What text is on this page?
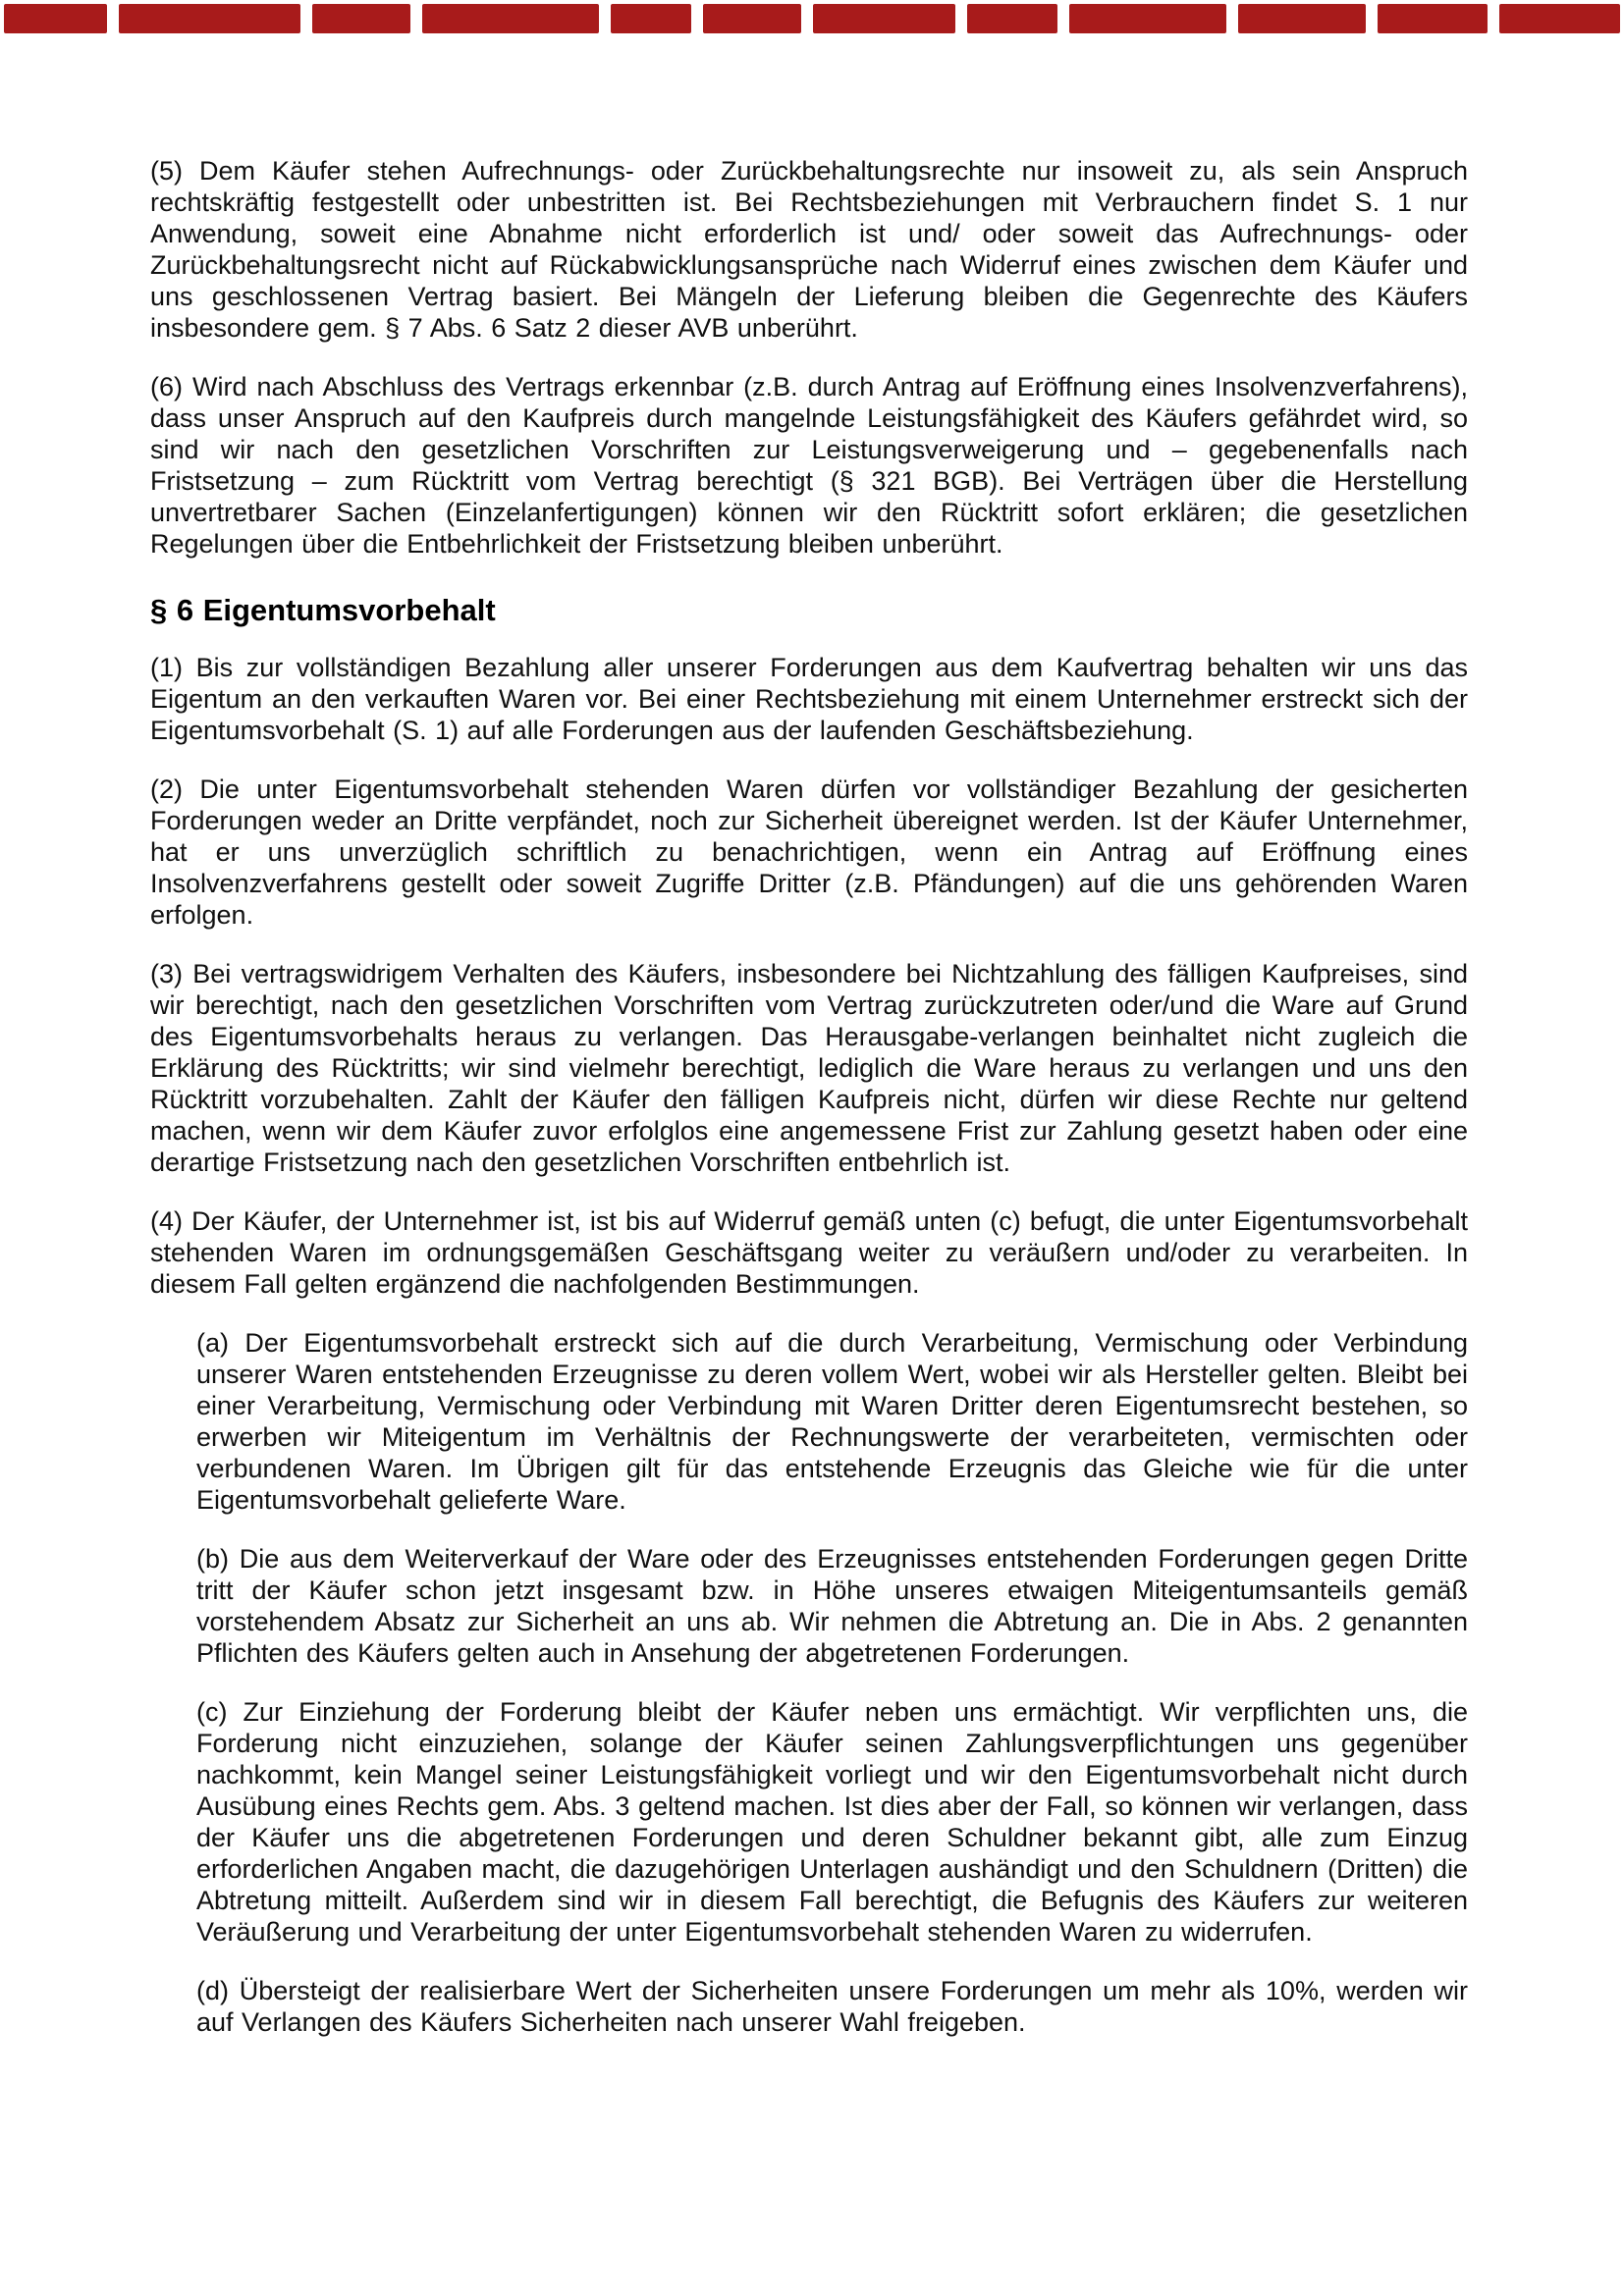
(5) Dem Käufer stehen Aufrechnungs- oder Zurückbehaltungsrechte nur insoweit zu, als sein Anspruch rechtskräftig festgestellt oder unbestritten ist. Bei Rechtsbeziehungen mit Verbrauchern findet S. 1 nur Anwendung, soweit eine Abnahme nicht erforderlich ist und/ oder soweit das Aufrechnungs- oder Zurückbehaltungsrecht nicht auf Rückabwicklungsansprüche nach Widerruf eines zwischen dem Käufer und uns geschlossenen Vertrag basiert. Bei Mängeln der Lieferung bleiben die Gegenrechte des Käufers insbesondere gem. § 7 Abs. 6 Satz 2 dieser AVB unberührt.

(6) Wird nach Abschluss des Vertrags erkennbar (z.B. durch Antrag auf Eröffnung eines Insolvenzverfahrens), dass unser Anspruch auf den Kaufpreis durch mangelnde Leistungsfähigkeit des Käufers gefährdet wird, so sind wir nach den gesetzlichen Vorschriften zur Leistungsverweigerung und – gegebenenfalls nach Fristsetzung – zum Rücktritt vom Vertrag berechtigt (§ 321 BGB). Bei Verträgen über die Herstellung unvertretbarer Sachen (Einzelanfertigungen) können wir den Rücktritt sofort erklären; die gesetzlichen Regelungen über die Entbehrlichkeit der Fristsetzung bleiben unberührt.

§ 6 Eigentumsvorbehalt

(1) Bis zur vollständigen Bezahlung aller unserer Forderungen aus dem Kaufvertrag behalten wir uns das Eigentum an den verkauften Waren vor. Bei einer Rechtsbeziehung mit einem Unternehmer erstreckt sich der Eigentumsvorbehalt (S. 1) auf alle Forderungen aus der laufenden Geschäftsbeziehung.

(2) Die unter Eigentumsvorbehalt stehenden Waren dürfen vor vollständiger Bezahlung der gesicherten Forderungen weder an Dritte verpfändet, noch zur Sicherheit übereignet werden. Ist der Käufer Unternehmer, hat er uns unverzüglich schriftlich zu benachrichtigen, wenn ein Antrag auf Eröffnung eines Insolvenzverfahrens gestellt oder soweit Zugriffe Dritter (z.B. Pfändungen) auf die uns gehörenden Waren erfolgen.

(3) Bei vertragswidrigem Verhalten des Käufers, insbesondere bei Nichtzahlung des fälligen Kaufpreises, sind wir berechtigt, nach den gesetzlichen Vorschriften vom Vertrag zurückzutreten oder/und die Ware auf Grund des Eigentumsvorbehalts heraus zu verlangen. Das Herausgabe-verlangen beinhaltet nicht zugleich die Erklärung des Rücktritts; wir sind vielmehr berechtigt, lediglich die Ware heraus zu verlangen und uns den Rücktritt vorzubehalten. Zahlt der Käufer den fälligen Kaufpreis nicht, dürfen wir diese Rechte nur geltend machen, wenn wir dem Käufer zuvor erfolglos eine angemessene Frist zur Zahlung gesetzt haben oder eine derartige Fristsetzung nach den gesetzlichen Vorschriften entbehrlich ist.

(4) Der Käufer, der Unternehmer ist, ist bis auf Widerruf gemäß unten (c) befugt, die unter Eigentumsvorbehalt stehenden Waren im ordnungsgemäßen Geschäftsgang weiter zu veräußern und/oder zu verarbeiten. In diesem Fall gelten ergänzend die nachfolgenden Bestimmungen.

(a) Der Eigentumsvorbehalt erstreckt sich auf die durch Verarbeitung, Vermischung oder Verbindung unserer Waren entstehenden Erzeugnisse zu deren vollem Wert, wobei wir als Hersteller gelten. Bleibt bei einer Verarbeitung, Vermischung oder Verbindung mit Waren Dritter deren Eigentumsrecht bestehen, so erwerben wir Miteigentum im Verhältnis der Rechnungswerte der verarbeiteten, vermischten oder verbundenen Waren. Im Übrigen gilt für das entstehende Erzeugnis das Gleiche wie für die unter Eigentumsvorbehalt gelieferte Ware.

(b) Die aus dem Weiterverkauf der Ware oder des Erzeugnisses entstehenden Forderungen gegen Dritte tritt der Käufer schon jetzt insgesamt bzw. in Höhe unseres etwaigen Miteigentumsanteils gemäß vorstehendem Absatz zur Sicherheit an uns ab. Wir nehmen die Abtretung an. Die in Abs. 2 genannten Pflichten des Käufers gelten auch in Ansehung der abgetretenen Forderungen.

(c) Zur Einziehung der Forderung bleibt der Käufer neben uns ermächtigt. Wir verpflichten uns, die Forderung nicht einzuziehen, solange der Käufer seinen Zahlungsverpflichtungen uns gegenüber nachkommt, kein Mangel seiner Leistungsfähigkeit vorliegt und wir den Eigentumsvorbehalt nicht durch Ausübung eines Rechts gem. Abs. 3 geltend machen. Ist dies aber der Fall, so können wir verlangen, dass der Käufer uns die abgetretenen Forderungen und deren Schuldner bekannt gibt, alle zum Einzug erforderlichen Angaben macht, die dazugehörigen Unterlagen aushändigt und den Schuldnern (Dritten) die Abtretung mitteilt. Außerdem sind wir in diesem Fall berechtigt, die Befugnis des Käufers zur weiteren Veräußerung und Verarbeitung der unter Eigentumsvorbehalt stehenden Waren zu widerrufen.

(d) Übersteigt der realisierbare Wert der Sicherheiten unsere Forderungen um mehr als 10%, werden wir auf Verlangen des Käufers Sicherheiten nach unserer Wahl freigeben.
